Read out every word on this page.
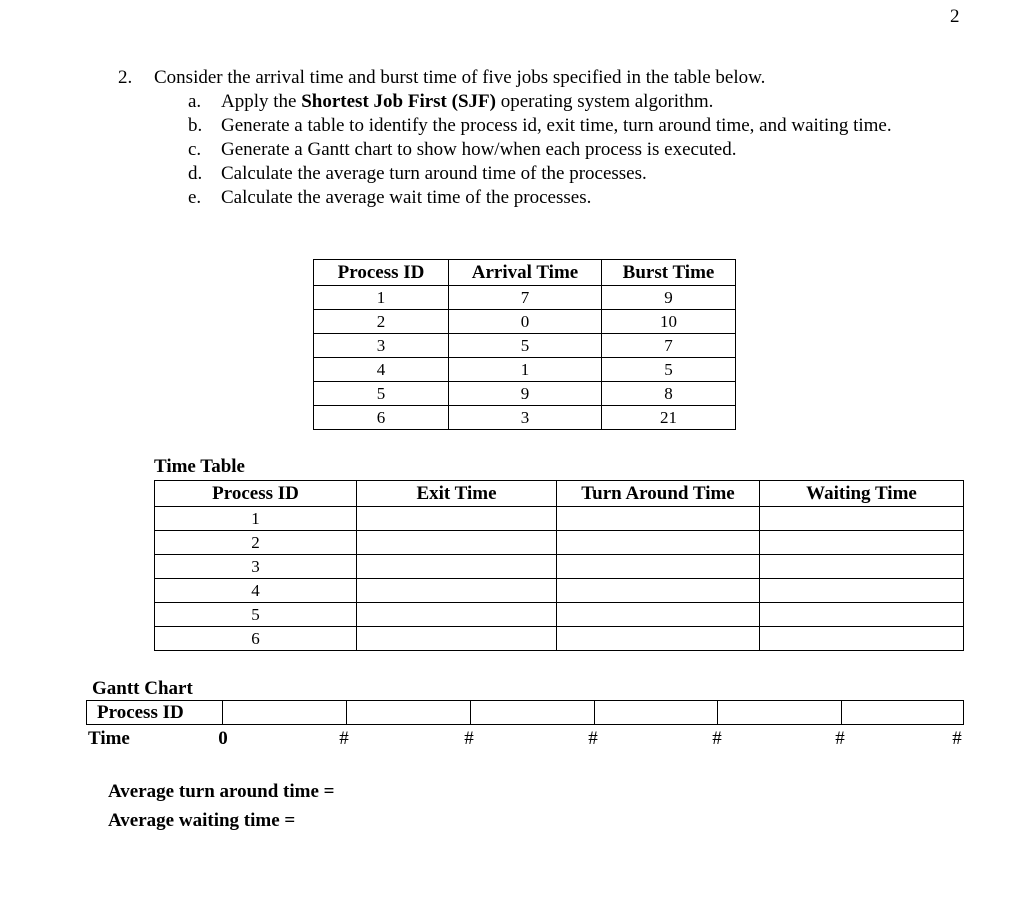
2
2.	Consider the arrival time and burst time of five jobs specified in the table below.
a.	Apply the Shortest Job First (SJF) operating system algorithm.
b. Generate a table to identify the process id, exit time, turn around time, and waiting time.
c.	Generate a Gantt chart to show how/when each process is executed.
d. Calculate the average turn around time of the processes.
e.	Calculate the average wait time of the processes.
Process ID	Arrival Time	Burst Time
1	7	9
2	0	10
3	5	7
4	1	5
5	9	8
6	3	21
Time Table
Process ID	Exit Time	Turn Around Time	Waiting Time
1			
2			
3			
4			
5			
6			
Gantt Chart
Process ID
Time	0	#	#	#	#	#	#
Average turn around time =
Average waiting time =
